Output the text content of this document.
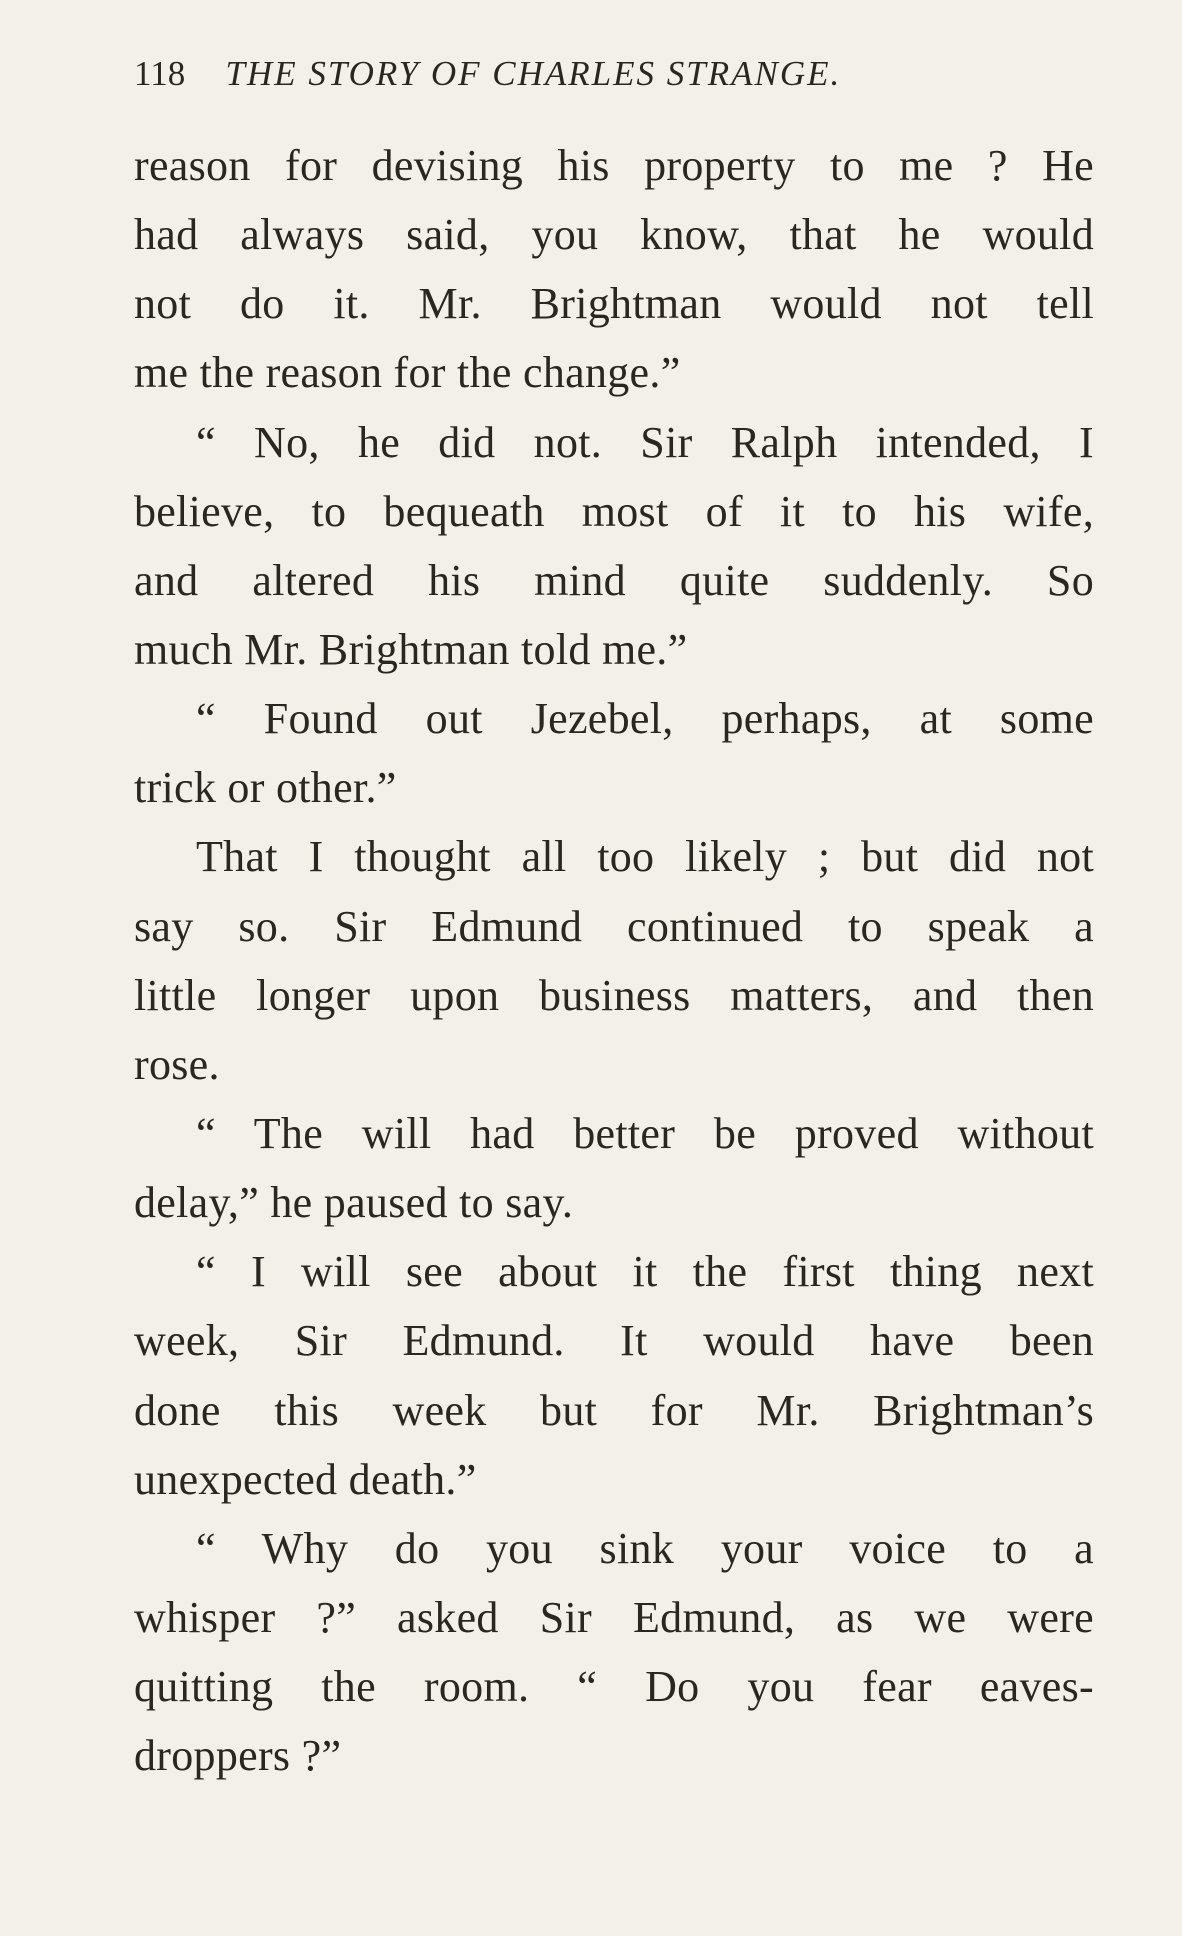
118 THE STORY OF CHARLES STRANGE.
reason for devising his property to me ? He
had always said, you know, that he would
not do it. Mr. Brightman would not tell
me the reason for the change.”
“ No, he did not. Sir Ralph intended, I
believe, to bequeath most of it to his wife,
and altered his mind quite suddenly. So
much Mr. Brightman told me.”
“ Found out Jezebel, perhaps, at some
trick or other.”
That I thought all too likely ; but did not
say so. Sir Edmund continued to speak a
little longer upon business matters, and then
rose.
“ The will had better be proved without
delay,” he paused to say.
“ I will see about it the first thing next
week, Sir Edmund. It would have been
done this week but for Mr. Brightman’s
unexpected death.”
“ Why do you sink your voice to a
whisper ?” asked Sir Edmund, as we were
quitting the room. “ Do you fear eaves-
droppers ?”
